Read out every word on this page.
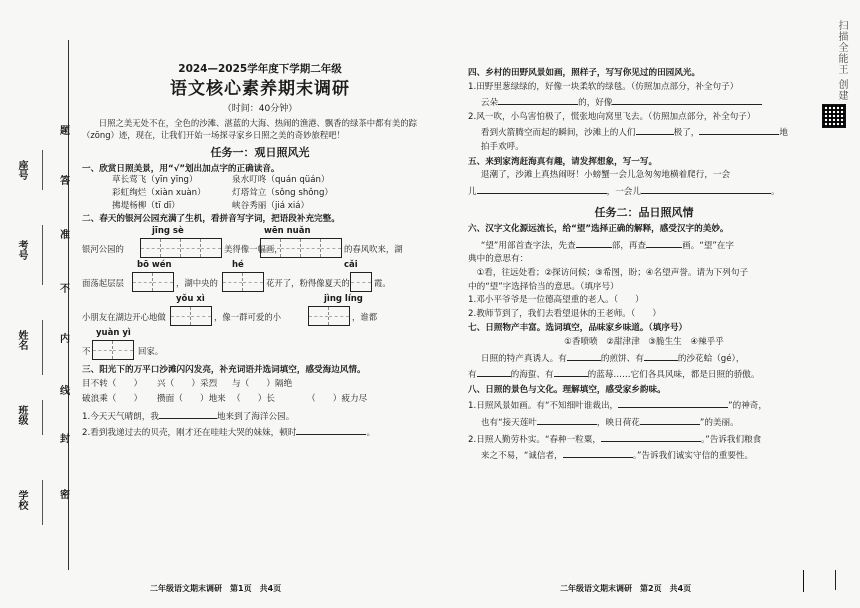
座号
考号
姓名
班级
学校
题
答
准
不
内
线
封
密
2024—2025学年度下学期二年级
语文核心素养期末调研
（时间：40分钟）
日照之美无处不在，全色的沙滩、湛蓝的大海、热闹的渔港、飘香的绿茶中都有美的踪（zōng）迹，现在，让我们开始一场探寻家乡日照之美的奇妙旅程吧！
任务一：观日照风光
一、欣赏日照美景，用“√”划出加点字的正确读音。
草长莺飞（yīn yīng）	泉水叮咚（quán qüán）
彩虹绚烂（xiàn xuàn）	灯塔耸立（sǒng shǒng）
拂堤杨柳（tī dī）	峡谷秀丽（jiá xiá）
二、春天的银河公园充满了生机，看拼音写字词，把语段补充完整。
jīng sè	wēn nuǎn
银河公园的	美得像一幅画，	的春风吹来，湖
bō wén	hé	cǎi
面荡起层层	，湖中央的	花开了，粉得像夏天的	霞。
yǒu xì	jìng líng
小朋友在湖边开心地做	，像一群可爱的小	，谁都
yuàn yì
不	回家。
三、阳光下的万平口沙滩闪闪发亮，补充词语并选词填空，感受海边风情。
目不转（　　）	兴（　　）采烈	与（　　）隔绝
破浪乘（　　）	攒面（　　）地来 （　　）长	（　　）疲力尽
1.今天天气晴朗，我	地来到了海洋公园。
2.看到我递过去的贝壳，刚才还在哇哇大哭的妹妹，顿时	。
二年级语文期末调研　第1页　共4页
四、乡村的田野风景如画，照样子，写写你见过的田园风光。
1.田野里葱绿绿的，好像一块柔软的绿毯。（仿照加点部分，补全句子）
云朵	的，好像
2.风一吹，小鸟害怕极了，慌张地向窝里飞去。（仿照加点部分，补全句子）
看到火箭腾空而起的瞬间，沙滩上的人们	极了，	地
拍手欢呼。
五、来到家湾赶海真有趣，请发挥想象，写一写。
退潮了，沙滩上真热闹呀！小螃蟹一会儿急匆匆地横着爬行，一会
儿	，一会儿	。
任务二：品日照风情
六、汉字文化源远流长，给“望”选择正确的解释，感受汉字的美妙。
“望”用部首查字法，先查	部，再查	画。“望”在字
典中的意思有：
①看，往远处看；②探访问候；③希图，盼；④名望声誉。请为下列句子
中的“望”字选择恰当的意思。（填序号）
1.邓小平爷爷是一位德高望重的老人。（　　）
2.教师节到了，我们去看望退休的王老师。（　　）
七、日照物产丰富。选词填空，品味家乡味道。（填序号）
①香喷喷　②甜津津　③脆生生　④辣乎乎
日照的特产真诱人。有	的煎饼、有	的沙花蛤（gé），
有	的海蜇、有	的蓝莓……它们各具风味，都是日照的骄傲。
八、日照的景色与文化。理解填空，感受家乡韵味。
1.日照风景如画。有“不知细叶谁裁出，	”的神奇，
也有“接天莲叶	，映日荷花	”的美丽。
2.日照人勤劳朴实。“春种一粒粟，	。”告诉我们粮食
来之不易，“诚信者，	。”告诉我们诚实守信的重要性。
二年级语文期末调研　第2页　共4页
扫描全能王 创建
